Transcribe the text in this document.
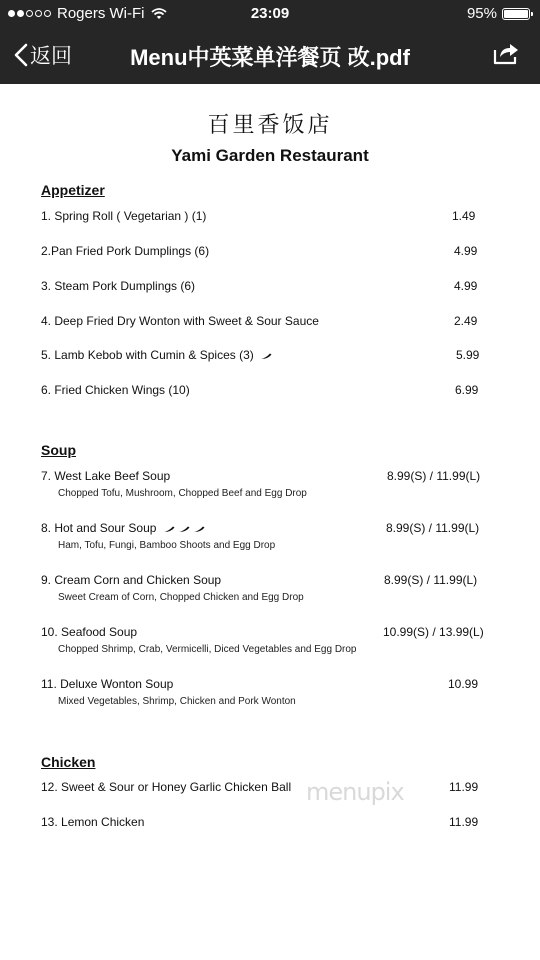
Rogers Wi-Fi	23:09	95%
返回	Menu中英菜单洋餐页 改.pdf
百里香饭店
Yami Garden Restaurant
Appetizer
1. Spring Roll ( Vegetarian ) (1)	1.49
2.Pan Fried Pork Dumplings (6)	4.99
3. Steam Pork Dumplings (6)	4.99
4. Deep Fried Dry Wonton with Sweet & Sour Sauce	2.49
5. Lamb Kebob with Cumin & Spices (3)	5.99
6. Fried Chicken Wings (10)	6.99
Soup
7. West Lake Beef Soup	8.99(S) / 11.99(L)
Chopped Tofu, Mushroom, Chopped Beef and Egg Drop
8. Hot and Sour Soup	8.99(S) / 11.99(L)
Ham, Tofu, Fungi, Bamboo Shoots and Egg Drop
9. Cream Corn and Chicken Soup	8.99(S) / 11.99(L)
Sweet Cream of Corn, Chopped Chicken and Egg Drop
10. Seafood Soup	10.99(S) / 13.99(L)
Chopped Shrimp, Crab, Vermicelli, Diced Vegetables and Egg Drop
11. Deluxe Wonton Soup	10.99
Mixed Vegetables, Shrimp, Chicken and Pork Wonton
Chicken
12. Sweet & Sour or Honey Garlic Chicken Ball	11.99
13. Lemon Chicken	11.99
menupix
